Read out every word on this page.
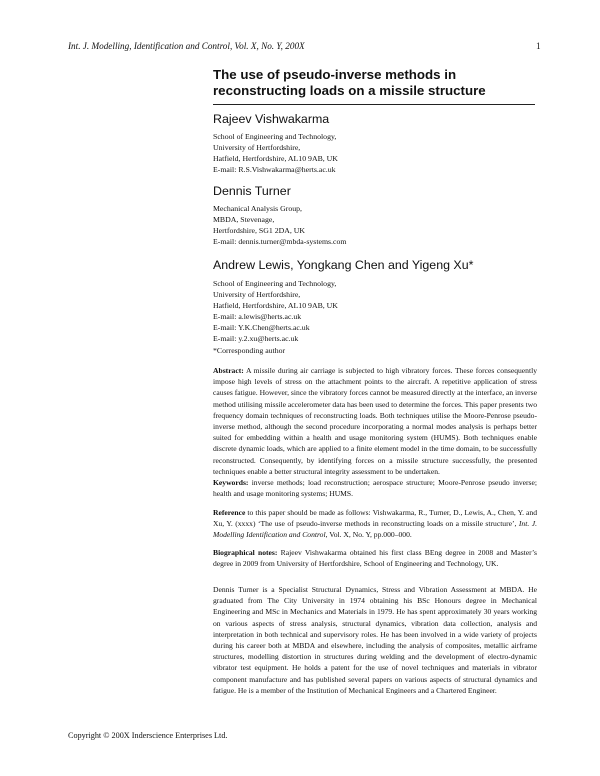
Int. J. Modelling, Identification and Control, Vol. X, No. Y, 200X	1
The use of pseudo-inverse methods in
reconstructing loads on a missile structure
Rajeev Vishwakarma
School of Engineering and Technology,
University of Hertfordshire,
Hatfield, Hertfordshire, AL10 9AB, UK
E-mail: R.S.Vishwakarma@herts.ac.uk
Dennis Turner
Mechanical Analysis Group,
MBDA, Stevenage,
Hertfordshire, SG1 2DA, UK
E-mail: dennis.turner@mbda-systems.com
Andrew Lewis, Yongkang Chen and Yigeng Xu*
School of Engineering and Technology,
University of Hertfordshire,
Hatfield, Hertfordshire, AL10 9AB, UK
E-mail: a.lewis@herts.ac.uk
E-mail: Y.K.Chen@herts.ac.uk
E-mail: y.2.xu@herts.ac.uk
*Corresponding author

Abstract: A missile during air carriage is subjected to high vibratory forces. These forces consequently impose high levels of stress on the attachment points to the aircraft. A repetitive application of stress causes fatigue. However, since the vibratory forces cannot be measured directly at the interface, an inverse method utilising missile accelerometer data has been used to determine the forces. This paper presents two frequency domain techniques of reconstructing loads. Both techniques utilise the Moore-Penrose pseudo-inverse method, although the second procedure incorporating a normal modes analysis is perhaps better suited for embedding within a health and usage monitoring system (HUMS). Both techniques enable discrete dynamic loads, which are applied to a finite element model in the time domain, to be successfully reconstructed. Consequently, by identifying forces on a missile structure successfully, the presented techniques enable a better structural integrity assessment to be undertaken.

Keywords: inverse methods; load reconstruction; aerospace structure; Moore-Penrose pseudo inverse; health and usage monitoring systems; HUMS.

Reference to this paper should be made as follows: Vishwakarma, R., Turner, D., Lewis, A., Chen, Y. and Xu, Y. (xxxx) ‘The use of pseudo-inverse methods in reconstructing loads on a missile structure’, Int. J. Modelling Identification and Control, Vol. X, No. Y, pp.000–000.

Biographical notes: Rajeev Vishwakarma obtained his first class BEng degree in 2008 and Master’s degree in 2009 from University of Hertfordshire, School of Engineering and Technology, UK.

Dennis Turner is a Specialist Structural Dynamics, Stress and Vibration Assessment at MBDA. He graduated from The City University in 1974 obtaining his BSc Honours degree in Mechanical Engineering and MSc in Mechanics and Materials in 1979. He has spent approximately 30 years working on various aspects of stress analysis, structural dynamics, vibration data collection, analysis and interpretation in both technical and supervisory roles. He has been involved in a wide variety of projects during his career both at MBDA and elsewhere, including the analysis of composites, metallic airframe structures, modelling distortion in structures during welding and the development of electro-dynamic vibrator test equipment. He holds a patent for the use of novel techniques and materials in vibrator component manufacture and has published several papers on various aspects of structural dynamics and fatigue. He is a member of the Institution of Mechanical Engineers and a Chartered Engineer.

Copyright © 200X Inderscience Enterprises Ltd.
